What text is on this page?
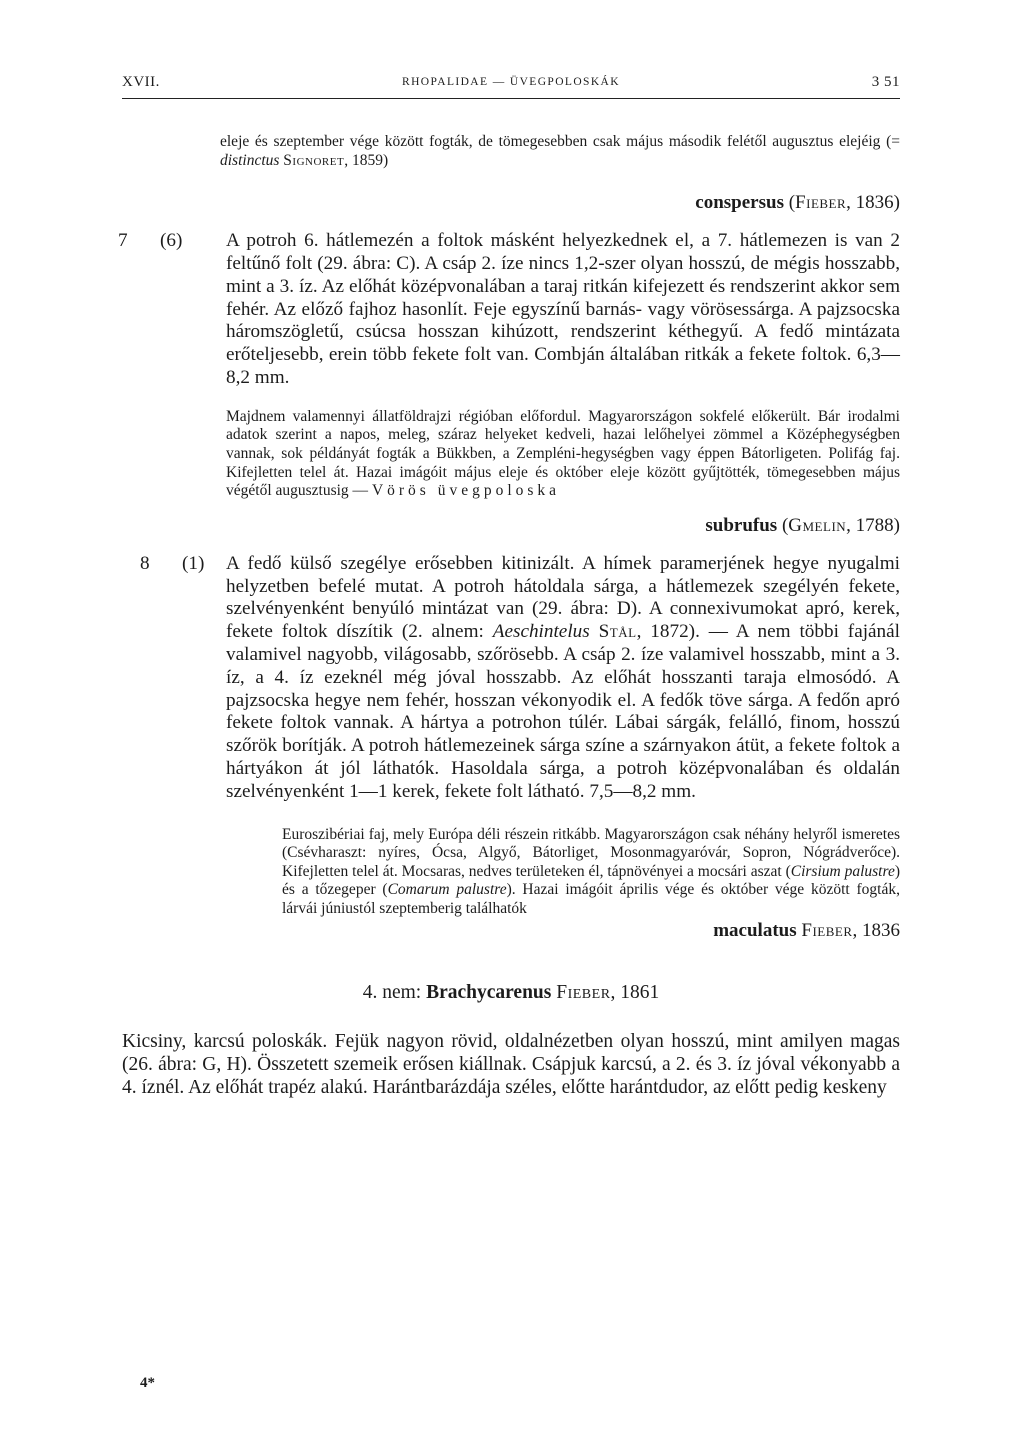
XVII.	RHOPALIDAE — ÜVEGPOLOSKÁK	3 51

eleje és szeptember vége között fogták, de tömegesebben csak május második felétől augusztus elejéig (= distinctus Signoret, 1859)

conspersus (Fieber, 1836)
7 (6) A potroh 6. hátlemezén a foltok másként helyezkednek el, a 7. hátlemezen is van 2 feltűnő folt (29. ábra: C). A csáp 2. íze nincs 1,2-szer olyan hosszú, de mégis hosszabb, mint a 3. íz. Az előhát középvonalában a taraj ritkán kifejezett és rendszerint akkor sem fehér. Az előző fajhoz hasonlít. Feje egyszínű barnás- vagy vörösessárga. A pajzsocska háromszögletű, csúcsa hosszan kihúzott, rendszerint kéthegyű. A fedő mintázata erőteljesebb, erein több fekete folt van. Combján általában ritkák a fekete foltok. 6,3—8,2 mm.

Majdnem valamennyi állatföldrajzi régióban előfordul. Magyarországon sokfelé előkerült. Bár irodalmi adatok szerint a napos, meleg, száraz helyeket kedveli, hazai lelőhelyei zömmel a Középhegységben vannak, sok példányát fogták a Bükkben, a Zempléni-hegységben vagy éppen Bátorligeten. Polifág faj. Kifejletten telel át. Hazai imágóit május eleje és október eleje között gyűjtötték, tömegesebben május végétől augusztusig — Vörös üvegpoloska

subrufus (Gmelin, 1788)
8 (1) A fedő külső szegélye erősebben kitinizált. A hímek paramerjének hegye nyugalmi helyzetben befelé mutat. A potroh hátoldala sárga, a hátlemezek szegélyén fekete, szelvényenként benyúló mintázat van (29. ábra: D). A connexivumokat apró, kerek, fekete foltok díszítik (2. alnem: Aeschintelus Stål, 1872). — A nem többi fajánál valamivel nagyobb, világosabb, szőrösebb. A csáp 2. íze valamivel hosszabb, mint a 3. íz, a 4. íz ezeknél még jóval hosszabb. Az előhát hosszanti taraja elmosódó. A pajzsocska hegye nem fehér, hosszan vékonyodik el. A fedők töve sárga. A fedőn apró fekete foltok vannak. A hártya a potrohon túlér. Lábai sárgák, felálló, finom, hosszú szőrök borítják. A potroh hátlemezeinek sárga színe a szárnyakon átüt, a fekete foltok a hártyákon át jól láthatók. Hasoldala sárga, a potroh középvonalában és oldalán szelvényenként 1—1 kerek, fekete folt látható. 7,5—8,2 mm.

Euroszibériai faj, mely Európa déli részein ritkább. Magyarországon csak néhány helyről ismeretes (Csévharaszt: nyíres, Ócsa, Algyő, Bátorliget, Mosonmagyaróvár, Sopron, Nógrádverőce). Kifejletten telel át. Mocsaras, nedves területeken él, tápnövényei a mocsári aszat (Cirsium palustre) és a tőzegeper (Comarum palustre). Hazai imágóit április vége és október vége között fogták, lárvái júniustól szeptemberig találhatók

maculatus Fieber, 1836
4. nem: Brachycarenus Fieber, 1861

Kicsiny, karcsú poloskák. Fejük nagyon rövid, oldalnézetben olyan hosszú, mint amilyen magas (26. ábra: G, H). Összetett szemeik erősen kiállnak. Csápjuk karcsú, a 2. és 3. íz jóval vékonyabb a 4. íznél. Az előhát trapéz alakú. Harántbarázdája széles, előtte harántdudor, az előtt pedig keskeny

4*
